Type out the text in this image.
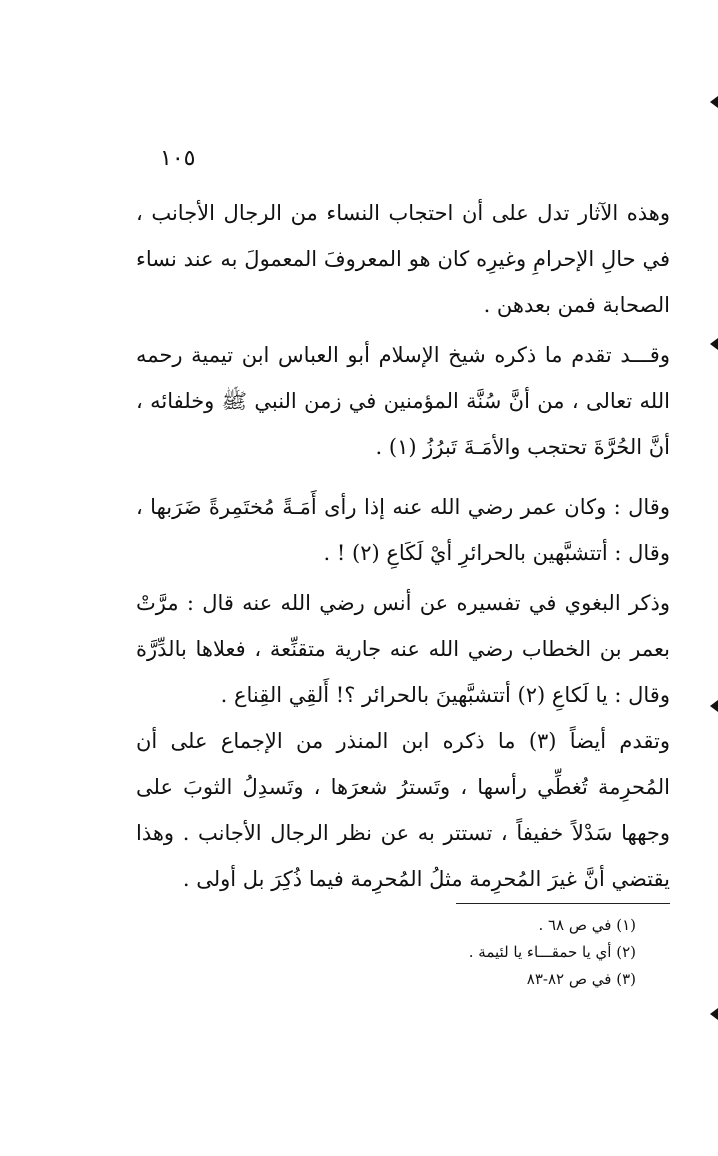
١٠٥

وهذه الآثار تدل على أن احتجاب النساء من الرجال الأجانب ، في حالِ الإحرامِ وغيرِه كان هو المعروفَ المعمولَ به عند نساء الصحابة فمن بعدهن .

وقـــد تقدم ما ذكره شيخ الإسلام أبو العباس ابن تيمية رحمه الله تعالى ، من أنَّ سُنَّة المؤمنين في زمن النبي ﷺ وخلفائه ، أنَّ الحُرَّةَ تحتجب والأمَـةَ تَبرُزُ (١) .

وقال : وكان عمر رضي الله عنه إذا رأى أَمَـةً مُختَمِرةً ضَرَبها ، وقال : أتتشبَّهين بالحرائرِ أيْ لَكَاعِ (٢) ! .

وذكر البغوي في تفسيره عن أنس رضي الله عنه قال : مرَّتْ بعمر بن الخطاب رضي الله عنه جارية متقنِّعة ، فعلاها بالدِّرَّة وقال : يا لَكاعِ (٢) أتتشبَّهينَ بالحرائر ؟! أَلقِي القِناع .

وتقدم أيضاً (٣) ما ذكره ابن المنذر من الإجماع على أن المُحرِمة تُغطِّي رأسها ، وتَسترُ شعرَها ، وتَسدِلُ الثوبَ على وجهها سَدْلاً خفيفاً ، تستتر به عن نظر الرجال الأجانب . وهذا يقتضي أنَّ غيرَ المُحرِمة مثلُ المُحرِمة فيما ذُكِرَ بل أولى .

(١) في ص ٦٨ .
(٢) أي يا حمقـــاء يا لئيمة .
(٣) في ص ٨٢-٨٣
